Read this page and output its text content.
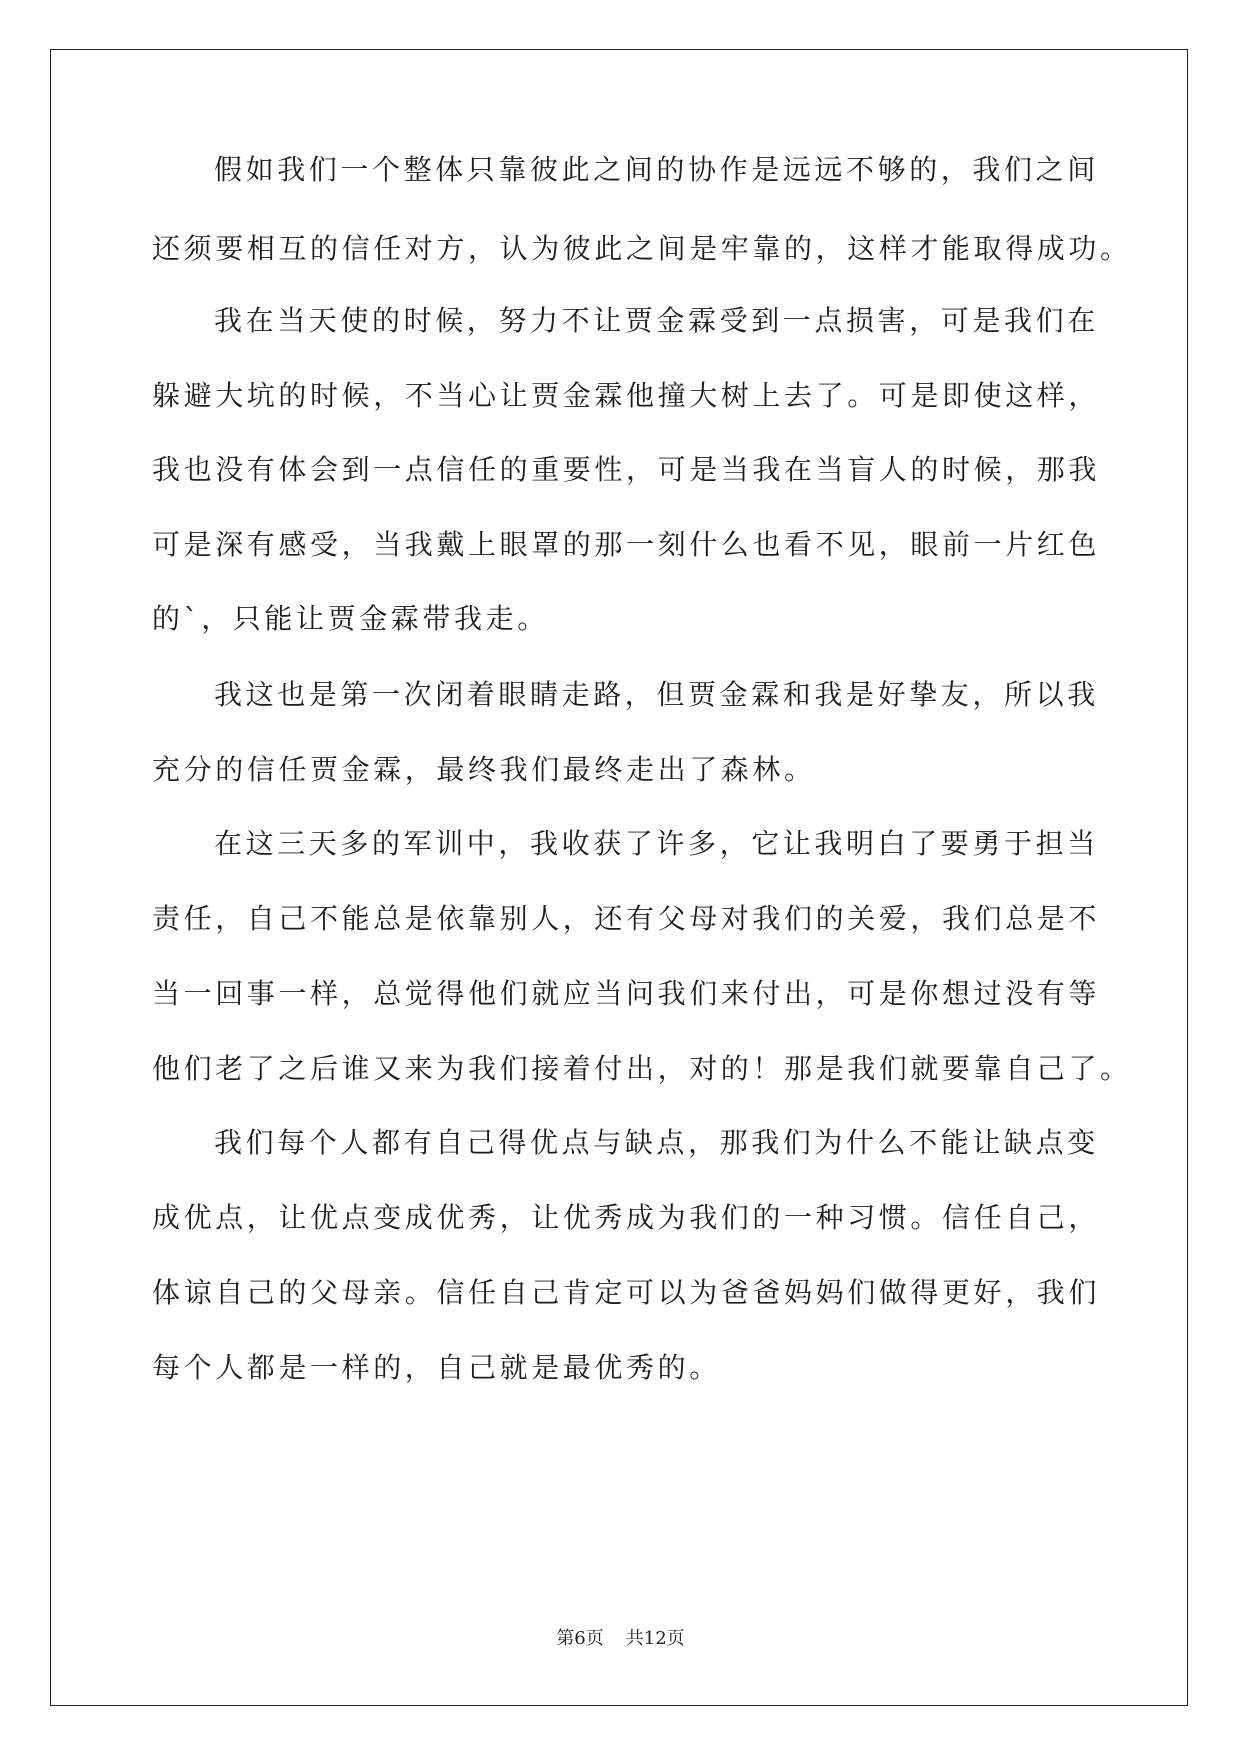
假如我们一个整体只靠彼此之间的协作是远远不够的，我们之间
还须要相互的信任对方，认为彼此之间是牢靠的，这样才能取得成功。
我在当天使的时候，努力不让贾金霖受到一点损害，可是我们在
躲避大坑的时候，不当心让贾金霖他撞大树上去了。可是即使这样，
我也没有体会到一点信任的重要性，可是当我在当盲人的时候，那我
可是深有感受，当我戴上眼罩的那一刻什么也看不见，眼前一片红色
的`，只能让贾金霖带我走。
我这也是第一次闭着眼睛走路，但贾金霖和我是好挚友，所以我
充分的信任贾金霖，最终我们最终走出了森林。
在这三天多的军训中，我收获了许多，它让我明白了要勇于担当
责任，自己不能总是依靠别人，还有父母对我们的关爱，我们总是不
当一回事一样，总觉得他们就应当问我们来付出，可是你想过没有等
他们老了之后谁又来为我们接着付出，对的！那是我们就要靠自己了。
我们每个人都有自己得优点与缺点，那我们为什么不能让缺点变
成优点，让优点变成优秀，让优秀成为我们的一种习惯。信任自己，
体谅自己的父母亲。信任自己肯定可以为爸爸妈妈们做得更好，我们
每个人都是一样的，自己就是最优秀的。
第6页 共12页
